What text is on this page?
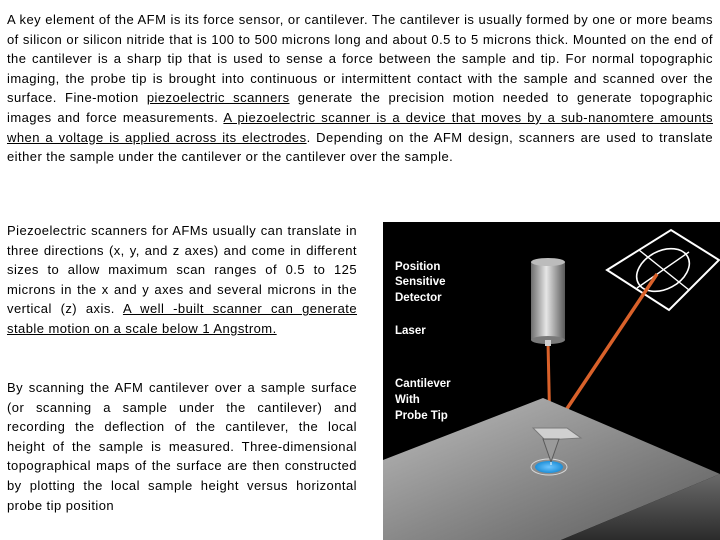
A key element of the AFM is its force sensor, or cantilever. The cantilever is usually formed by one or more beams of silicon or silicon nitride that is 100 to 500 microns long and about 0.5 to 5 microns thick. Mounted on the end of the cantilever is a sharp tip that is used to sense a force between the sample and tip. For normal topographic imaging, the probe tip is brought into continuous or intermittent contact with the sample and scanned over the surface. Fine-motion piezoelectric scanners generate the precision motion needed to generate topographic images and force measurements. A piezoelectric scanner is a device that moves by a sub-nanomtere amounts when a voltage is applied across its electrodes. Depending on the AFM design, scanners are used to translate either the sample under the cantilever or the cantilever over the sample.

Piezoelectric scanners for AFMs usually can translate in three directions (x, y, and z axes) and come in different sizes to allow maximum scan ranges of 0.5 to 125 microns in the x and y axes and several microns in the vertical (z) axis. A well -built scanner can generate stable motion on a scale below 1 Angstrom.

By scanning the AFM cantilever over a sample surface (or scanning a sample under the cantilever) and recording the deflection of the cantilever, the local height of the sample is measured. Three-dimensional topographical maps of the surface are then constructed by plotting the local sample height versus horizontal probe tip position

Position
Sensitive
Detector
Laser
Cantilever
With
Probe Tip
